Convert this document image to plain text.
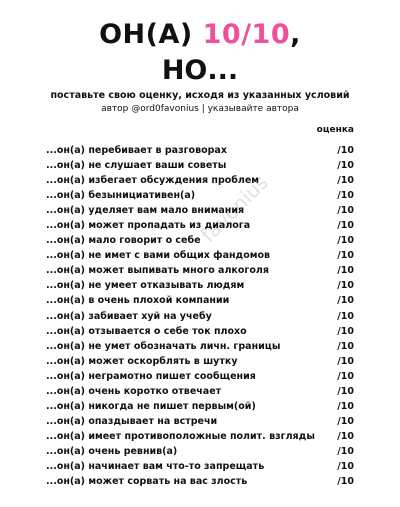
ОН(А) 10/10,
НО...
поставьте свою оценку, исходя из указанных условий
автор @ord0favonius | указывайте автора
оценка
favonius
...он(а) перебивает в разговорах	/10
...он(а) не слушает ваши советы	/10
...он(а) избегает обсуждения проблем	/10
...он(а) безынициативен(а)	/10
...он(а) уделяет вам мало внимания	/10
...он(а) может пропадать из диалога	/10
...он(а) мало говорит о себе	/10
...он(а) не имет с вами общих фандомов	/10
...он(а) может выпивать много алкоголя	/10
...он(а) не умеет отказывать людям	/10
...он(а) в очень плохой компании	/10
...он(а) забивает хуй на учебу	/10
...он(а) отзывается о себе ток плохо	/10
...он(а) не умет обозначать личн. границы	/10
...он(а) может оскорблять в шутку	/10
...он(а) неграмотно пишет сообщения	/10
...он(а) очень коротко отвечает	/10
...он(а) никогда не пишет первым(ой)	/10
...он(а) опаздывает на встречи	/10
...он(а) имеет противоположные полит. взгляды /10
...он(а) очень ревнив(а)	/10
...он(а) начинает вам что-то запрещать	/10
...он(а) может сорвать на вас злость	/10
